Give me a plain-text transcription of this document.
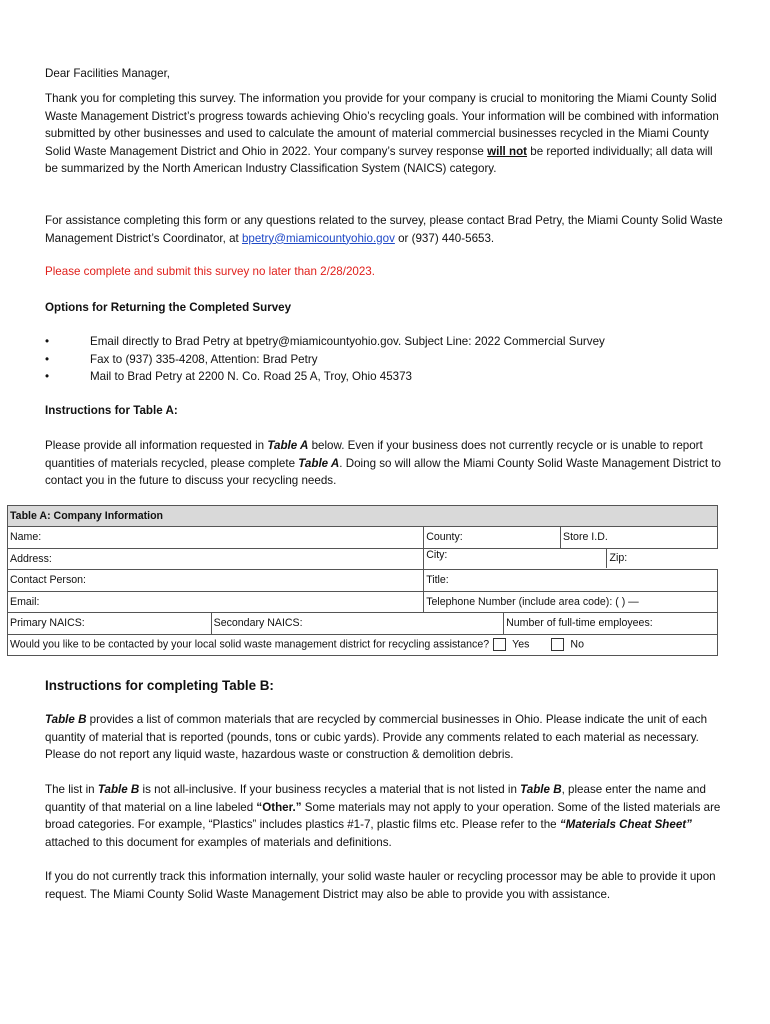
Dear Facilities Manager,

Thank you for completing this survey. The information you provide for your company is crucial to monitoring the Miami County Solid Waste Management District’s progress towards achieving Ohio’s recycling goals. Your information will be combined with information submitted by other businesses and used to calculate the amount of material commercial businesses recycled in the Miami County Solid Waste Management District and Ohio in 2022. Your company’s survey response will not be reported individually; all data will be summarized by the North American Industry Classification System (NAICS) category.

For assistance completing this form or any questions related to the survey, please contact Brad Petry, the Miami County Solid Waste Management District’s Coordinator, at bpetry@miamicountyohio.gov or (937) 440-5653.

Please complete and submit this survey no later than 2/28/2023.

Options for Returning the Completed Survey

•	Email directly to Brad Petry at bpetry@miamicountyohio.gov. Subject Line: 2022 Commercial Survey
•	Fax to (937) 335-4208, Attention: Brad Petry
•	Mail to Brad Petry at 2200 N. Co. Road 25 A, Troy, Ohio 45373

Instructions for Table A:

Please provide all information requested in Table A below. Even if your business does not currently recycle or is unable to report quantities of materials recycled, please complete Table A. Doing so will allow the Miami County Solid Waste Management District to contact you in the future to discuss your recycling needs.

Instructions for completing Table B:

Table B provides a list of common materials that are recycled by commercial businesses in Ohio. Please indicate the unit of each quantity of material that is reported (pounds, tons or cubic yards). Provide any comments related to each material as necessary. Please do not report any liquid waste, hazardous waste or construction & demolition debris.

The list in Table B is not all-inclusive. If your business recycles a material that is not listed in Table B, please enter the name and quantity of that material on a line labeled “Other.” Some materials may not apply to your operation. Some of the listed materials are broad categories. For example, “Plastics” includes plastics #1-7, plastic films etc. Please refer to the “Materials Cheat Sheet” attached to this document for examples of materials and definitions.

If you do not currently track this information internally, your solid waste hauler or recycling processor may be able to provide it upon request. The Miami County Solid Waste Management District may also be able to provide you with assistance.

Table A: Company Information				
Name:		County:		Store I.D.
Address:		City: Zip:		

Contact Person:		Title:		
Email:		Telephone Number (include area code): ( ) —		
Primary NAICS:	Secondary NAICS:		Number of full-time employees:	
Would you like to be contacted by your local solid waste management district for recycling assistance? Yes No				
